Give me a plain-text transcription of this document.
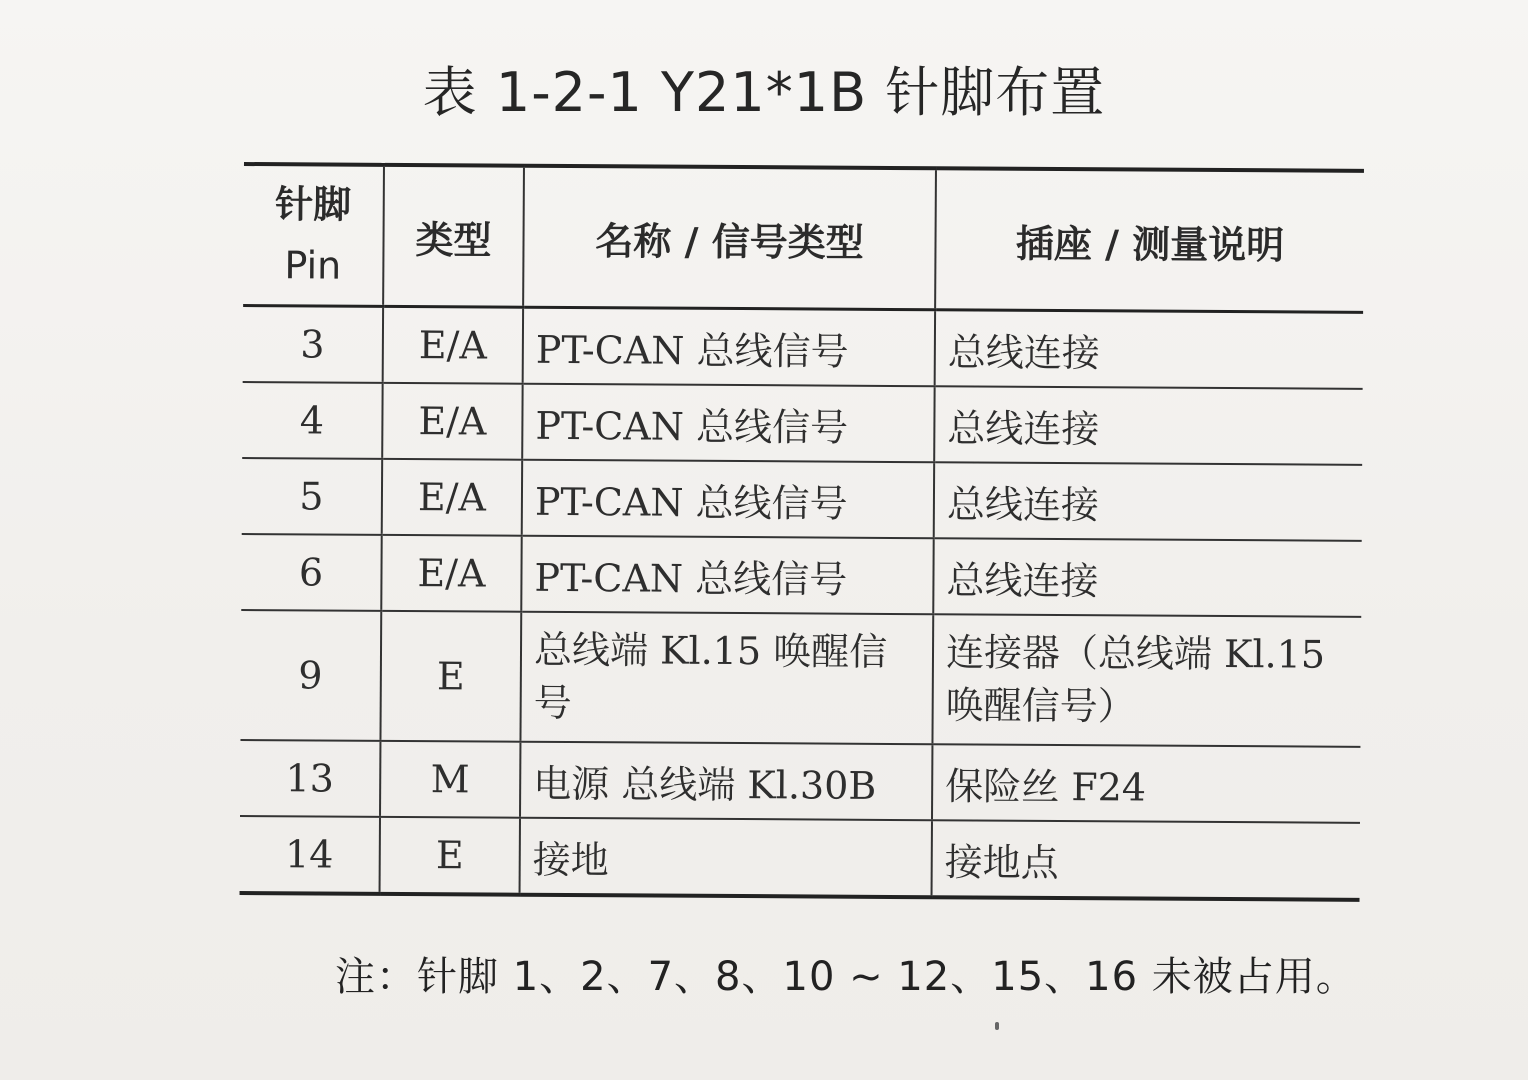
表 1-2-1 Y21*1B 针脚布置
针脚
Pin	类型	名称 / 信号类型	插座 / 测量说明
3	E/A	PT-CAN 总线信号	总线连接
4	E/A	PT-CAN 总线信号	总线连接
5	E/A	PT-CAN 总线信号	总线连接
6	E/A	PT-CAN 总线信号	总线连接
9	E	总线端 Kl.15 唤醒信号	连接器（总线端 Kl.15 唤醒信号）
13	M	电源 总线端 Kl.30B	保险丝 F24
14	E	接地	接地点
注：针脚 1、2、7、8、10 ~ 12、15、16 未被占用。
